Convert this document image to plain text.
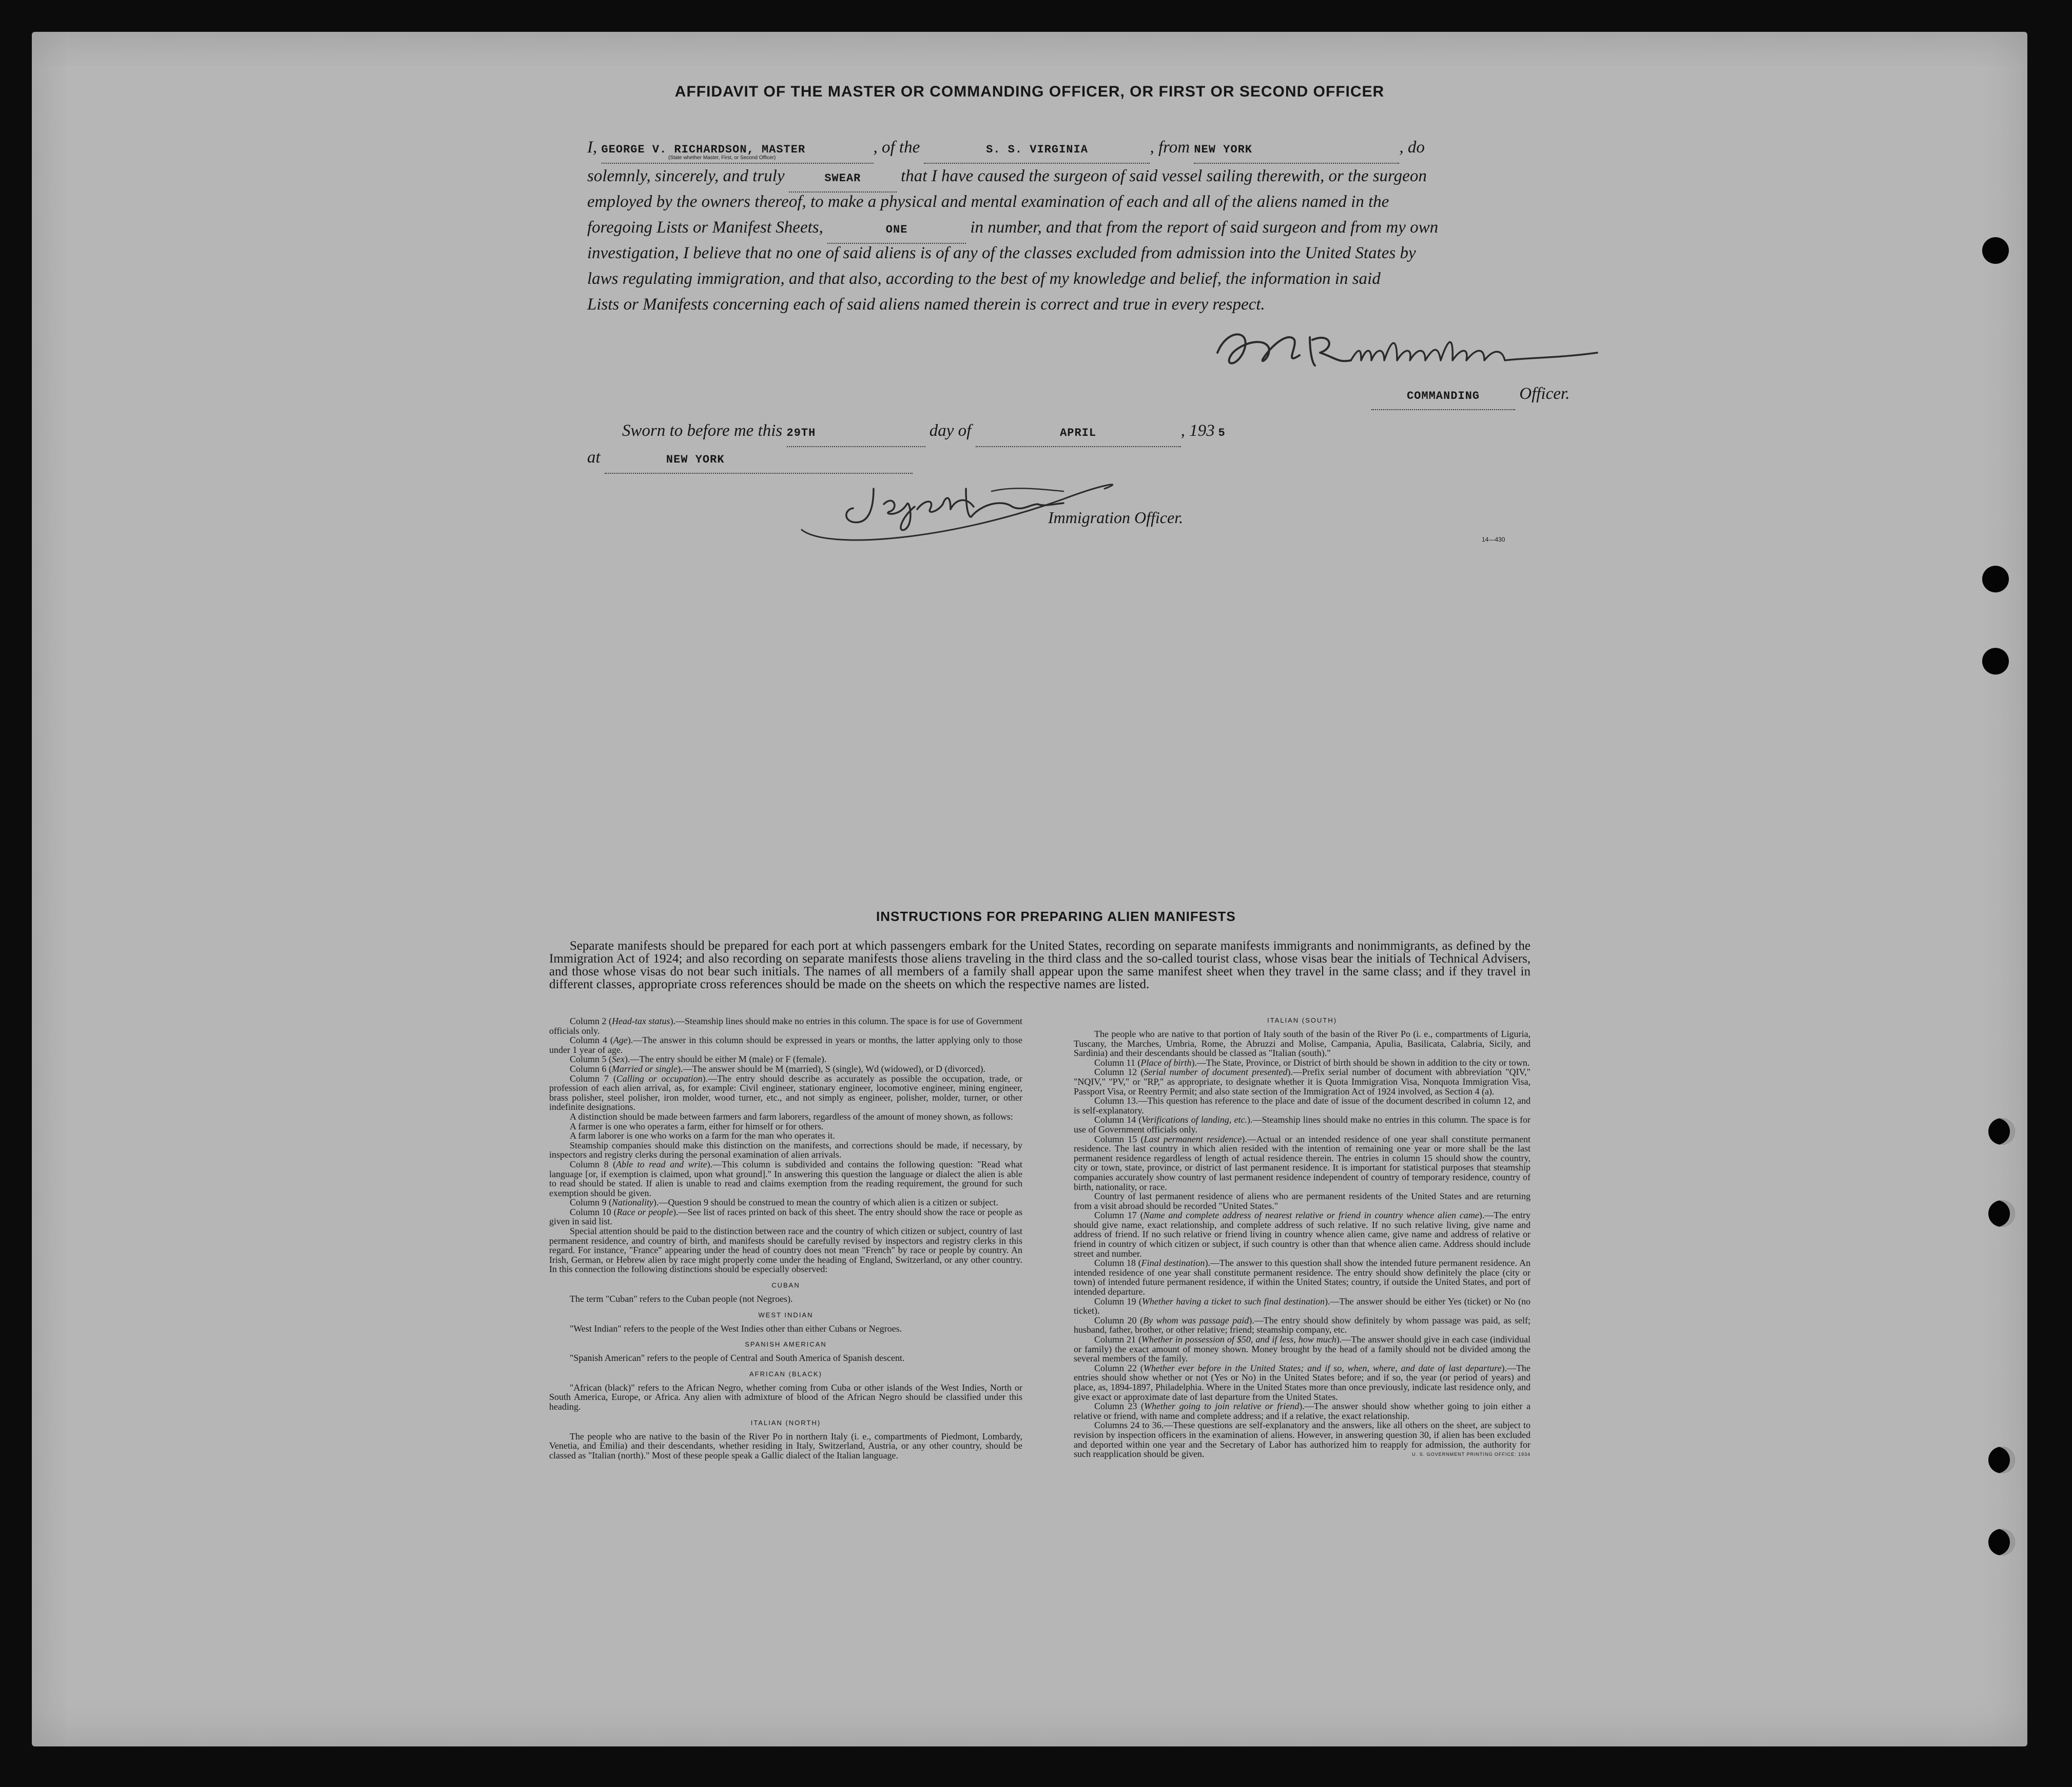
AFFIDAVIT OF THE MASTER OR COMMANDING OFFICER, OR FIRST OR SECOND OFFICER
I, GEORGE V. RICHARDSON, MASTER	, of the	S. S. VIRGINIA	, from NEW YORK	, do
(State whether Master, First, or Second Officer)
solemnly, sincerely, and truly	SWEAR that I have caused the surgeon of said vessel sailing therewith, or the surgeon
employed by the owners thereof, to make a physical and mental examination of each and all of the aliens named in the
foregoing Lists or Manifest Sheets,	ONE	in number, and that from the report of said surgeon and from my own
investigation, I believe that no one of said aliens is of any of the classes excluded from admission into the United States by
laws regulating immigration, and that also, according to the best of my knowledge and belief, the information in said
Lists or Manifests concerning each of said aliens named therein is correct and true in every respect.
COMMANDING Officer.
Sworn to before me this 29TH	day of	APRIL	, 193 5
at	NEW YORK
Immigration Officer.
14—430
INSTRUCTIONS FOR PREPARING ALIEN MANIFESTS

Separate manifests should be prepared for each port at which passengers embark for the United States, recording on separate manifests immigrants and nonimmigrants, as defined by the Immigration Act of 1924; and also recording on separate manifests those aliens traveling in the third class and the so-called tourist class, whose visas bear the initials of Technical Advisers, and those whose visas do not bear such initials. The names of all members of a family shall appear upon the same manifest sheet when they travel in the same class; and if they travel in different classes, appropriate cross references should be made on the sheets on which the respective names are listed.

Column 2 (Head-tax status).—Steamship lines should make no entries in this column. The space is for use of Government officials only.

Column 4 (Age).—The answer in this column should be expressed in years or months, the latter applying only to those under 1 year of age.

Column 5 (Sex).—The entry should be either M (male) or F (female).

Column 6 (Married or single).—The answer should be M (married), S (single), Wd (widowed), or D (divorced).

Column 7 (Calling or occupation).—The entry should describe as accurately as possible the occupation, trade, or profession of each alien arrival, as, for example: Civil engineer, stationary engineer, locomotive engineer, mining engineer, brass polisher, steel polisher, iron molder, wood turner, etc., and not simply as engineer, polisher, molder, turner, or other indefinite designations.

A distinction should be made between farmers and farm laborers, regardless of the amount of money shown, as follows:

A farmer is one who operates a farm, either for himself or for others.

A farm laborer is one who works on a farm for the man who operates it.

Steamship companies should make this distinction on the manifests, and corrections should be made, if necessary, by inspectors and registry clerks during the personal examination of alien arrivals.

Column 8 (Able to read and write).—This column is subdivided and contains the following question: "Read what language [or, if exemption is claimed, upon what ground]." In answering this question the language or dialect the alien is able to read should be stated. If alien is unable to read and claims exemption from the reading requirement, the ground for such exemption should be given.

Column 9 (Nationality).—Question 9 should be construed to mean the country of which alien is a citizen or subject.

Column 10 (Race or people).—See list of races printed on back of this sheet. The entry should show the race or people as given in said list.

Special attention should be paid to the distinction between race and the country of which citizen or subject, country of last permanent residence, and country of birth, and manifests should be carefully revised by inspectors and registry clerks in this regard. For instance, "France" appearing under the head of country does not mean "French" by race or people by country. An Irish, German, or Hebrew alien by race might properly come under the heading of England, Switzerland, or any other country. In this connection the following distinctions should be especially observed:

CUBAN

The term "Cuban" refers to the Cuban people (not Negroes).

WEST INDIAN

"West Indian" refers to the people of the West Indies other than either Cubans or Negroes.

SPANISH AMERICAN

"Spanish American" refers to the people of Central and South America of Spanish descent.

AFRICAN (BLACK)

"African (black)" refers to the African Negro, whether coming from Cuba or other islands of the West Indies, North or South America, Europe, or Africa. Any alien with admixture of blood of the African Negro should be classified under this heading.

ITALIAN (NORTH)

The people who are native to the basin of the River Po in northern Italy (i. e., compartments of Piedmont, Lombardy, Venetia, and Emilia) and their descendants, whether residing in Italy, Switzerland, Austria, or any other country, should be classed as "Italian (north)." Most of these people speak a Gallic dialect of the Italian language.

ITALIAN (SOUTH)

The people who are native to that portion of Italy south of the basin of the River Po (i. e., compartments of Liguria, Tuscany, the Marches, Umbria, Rome, the Abruzzi and Molise, Campania, Apulia, Basilicata, Calabria, Sicily, and Sardinia) and their descendants should be classed as "Italian (south)."

Column 11 (Place of birth).—The State, Province, or District of birth should be shown in addition to the city or town.

Column 12 (Serial number of document presented).—Prefix serial number of document with abbreviation "QIV," "NQIV," "PV," or "RP," as appropriate, to designate whether it is Quota Immigration Visa, Nonquota Immigration Visa, Passport Visa, or Reentry Permit; and also state section of the Immigration Act of 1924 involved, as Section 4 (a).

Column 13.—This question has reference to the place and date of issue of the document described in column 12, and is self-explanatory.

Column 14 (Verifications of landing, etc.).—Steamship lines should make no entries in this column. The space is for use of Government officials only.

Column 15 (Last permanent residence).—Actual or an intended residence of one year shall constitute permanent residence. The last country in which alien resided with the intention of remaining one year or more shall be the last permanent residence regardless of length of actual residence therein. The entries in column 15 should show the country, city or town, state, province, or district of last permanent residence. It is important for statistical purposes that steamship companies accurately show country of last permanent residence independent of country of temporary residence, country of birth, nationality, or race.

Country of last permanent residence of aliens who are permanent residents of the United States and are returning from a visit abroad should be recorded "United States."

Column 17 (Name and complete address of nearest relative or friend in country whence alien came).—The entry should give name, exact relationship, and complete address of such relative. If no such relative living, give name and address of friend. If no such relative or friend living in country whence alien came, give name and address of relative or friend in country of which citizen or subject, if such country is other than that whence alien came. Address should include street and number.

Column 18 (Final destination).—The answer to this question shall show the intended future permanent residence. An intended residence of one year shall constitute permanent residence. The entry should show definitely the place (city or town) of intended future permanent residence, if within the United States; country, if outside the United States, and port of intended departure.

Column 19 (Whether having a ticket to such final destination).—The answer should be either Yes (ticket) or No (no ticket).

Column 20 (By whom was passage paid).—The entry should show definitely by whom passage was paid, as self; husband, father, brother, or other relative; friend; steamship company, etc.

Column 21 (Whether in possession of $50, and if less, how much).—The answer should give in each case (individual or family) the exact amount of money shown. Money brought by the head of a family should not be divided among the several members of the family.

Column 22 (Whether ever before in the United States; and if so, when, where, and date of last departure).—The entries should show whether or not (Yes or No) in the United States before; and if so, the year (or period of years) and place, as, 1894-1897, Philadelphia. Where in the United States more than once previously, indicate last residence only, and give exact or approximate date of last departure from the United States.

Column 23 (Whether going to join relative or friend).—The answer should show whether going to join either a relative or friend, with name and complete address; and if a relative, the exact relationship.

Columns 24 to 36.—These questions are self-explanatory and the answers, like all others on the sheet, are subject to revision by inspection officers in the examination of aliens. However, in answering question 30, if alien has been excluded and deported within one year and the Secretary of Labor has authorized him to reapply for admission, the authority for such reapplication should be given.	U. S. GOVERNMENT PRINTING OFFICE: 1934
